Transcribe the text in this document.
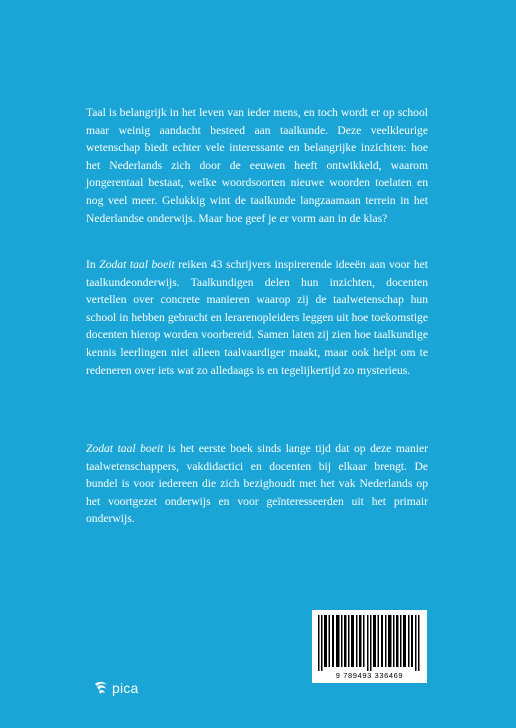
Taal is belangrijk in het leven van ieder mens, en toch wordt er op school maar weinig aandacht besteed aan taalkunde. Deze veelkleurige wetenschap biedt echter vele interessante en belangrijke inzichten: hoe het Nederlands zich door de eeuwen heeft ontwikkeld, waarom jongerentaal bestaat, welke woordsoorten nieuwe woorden toelaten en nog veel meer. Gelukkig wint de taalkunde langzaamaan terrein in het Nederlandse onderwijs. Maar hoe geef je er vorm aan in de klas?

In Zodat taal boeit reiken 43 schrijvers inspirerende ideeën aan voor het taalkundeonderwijs. Taalkundigen delen hun inzichten, docenten vertellen over concrete manieren waarop zij de taalwetenschap hun school in hebben gebracht en lerarenopleiders leggen uit hoe toekomstige docenten hierop worden voorbereid. Samen laten zij zien hoe taalkundige kennis leerlingen niet alleen taalvaardiger maakt, maar ook helpt om te redeneren over iets wat zo alledaags is en tegelijkertijd zo mysterieus.

Zodat taal boeit is het eerste boek sinds lange tijd dat op deze manier taalwetenschappers, vakdidactici en docenten bij elkaar brengt. De bundel is voor iedereen die zich bezighoudt met het vak Nederlands op het voortgezet onderwijs en voor geïnteresseerden uit het primair onderwijs.

9 789493 336469
pica
